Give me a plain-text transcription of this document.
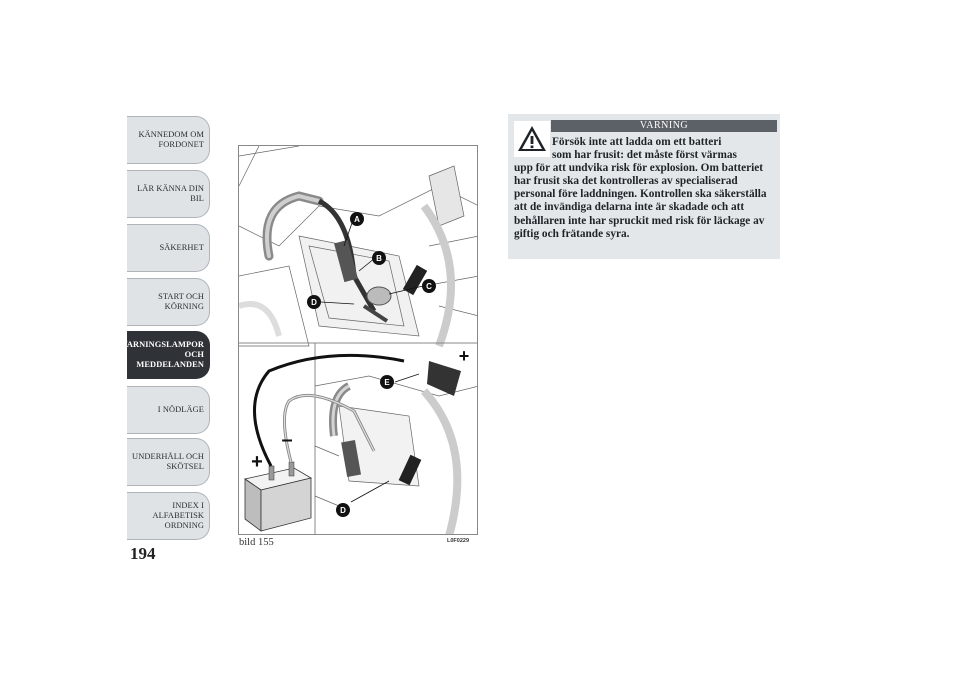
KÄNNEDOM OM
FORDONET
LÄR KÄNNA DIN
BIL
SÄKERHET
START OCH
KÖRNING
VARNINGSLAMPOR
OCH
MEDDELANDEN
I NÖDLÄGE
UNDERHÅLL OCH
SKÖTSEL
INDEX I
ALFABETISK
ORDNING
194
A
B
C
D
E
D
+
–
+
bild 155	L0F0229
VARNING
Försök inte att ladda om ett batteri
som har frusit: det måste först värmas

upp för att undvika risk för explosion. Om batteriet har frusit ska det kontrolleras av specialiserad personal före laddningen. Kontrollen ska säkerställa att de invändiga delarna inte är skadade och att behållaren inte har spruckit med risk för läckage av giftig och frätande syra.
